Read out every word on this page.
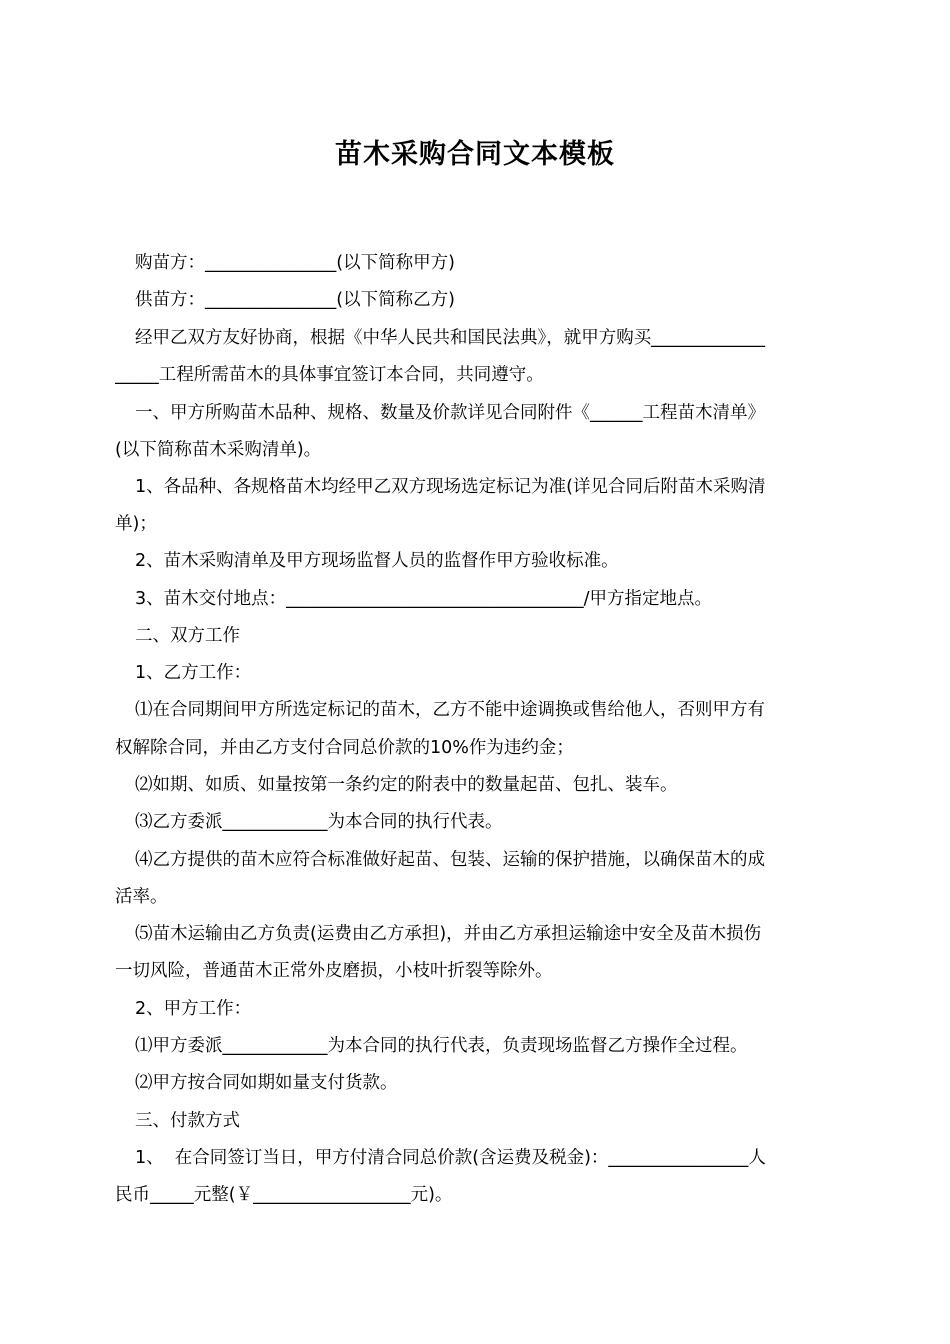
苗木采购合同文本模板

购苗方：_______________(以下简称甲方)

供苗方：_______________(以下简称乙方)

经甲乙双方友好协商，根据《中华人民共和国民法典》，就甲方购买_____________

_____工程所需苗木的具体事宜签订本合同，共同遵守。

一、甲方所购苗木品种、规格、数量及价款详见合同附件《______工程苗木清单》

(以下简称苗木采购清单)。

1、各品种、各规格苗木均经甲乙双方现场选定标记为准(详见合同后附苗木采购清

单)；

2、苗木采购清单及甲方现场监督人员的监督作甲方验收标准。

3、苗木交付地点：__________________________________/甲方指定地点。

二、双方工作

1、乙方工作：

⑴在合同期间甲方所选定标记的苗木，乙方不能中途调换或售给他人，否则甲方有

权解除合同，并由乙方支付合同总价款的10%作为违约金；

⑵如期、如质、如量按第一条约定的附表中的数量起苗、包扎、装车。

⑶乙方委派____________为本合同的执行代表。

⑷乙方提供的苗木应符合标准做好起苗、包装、运输的保护措施，以确保苗木的成

活率。

⑸苗木运输由乙方负责(运费由乙方承担)，并由乙方承担运输途中安全及苗木损伤

一切风险，普通苗木正常外皮磨损，小枝叶折裂等除外。

2、甲方工作：

⑴甲方委派____________为本合同的执行代表，负责现场监督乙方操作全过程。

⑵甲方按合同如期如量支付货款。

三、付款方式

1、  在合同签订当日，甲方付清合同总价款(含运费及税金)：________________人

民币_____元整(￥__________________元)。
